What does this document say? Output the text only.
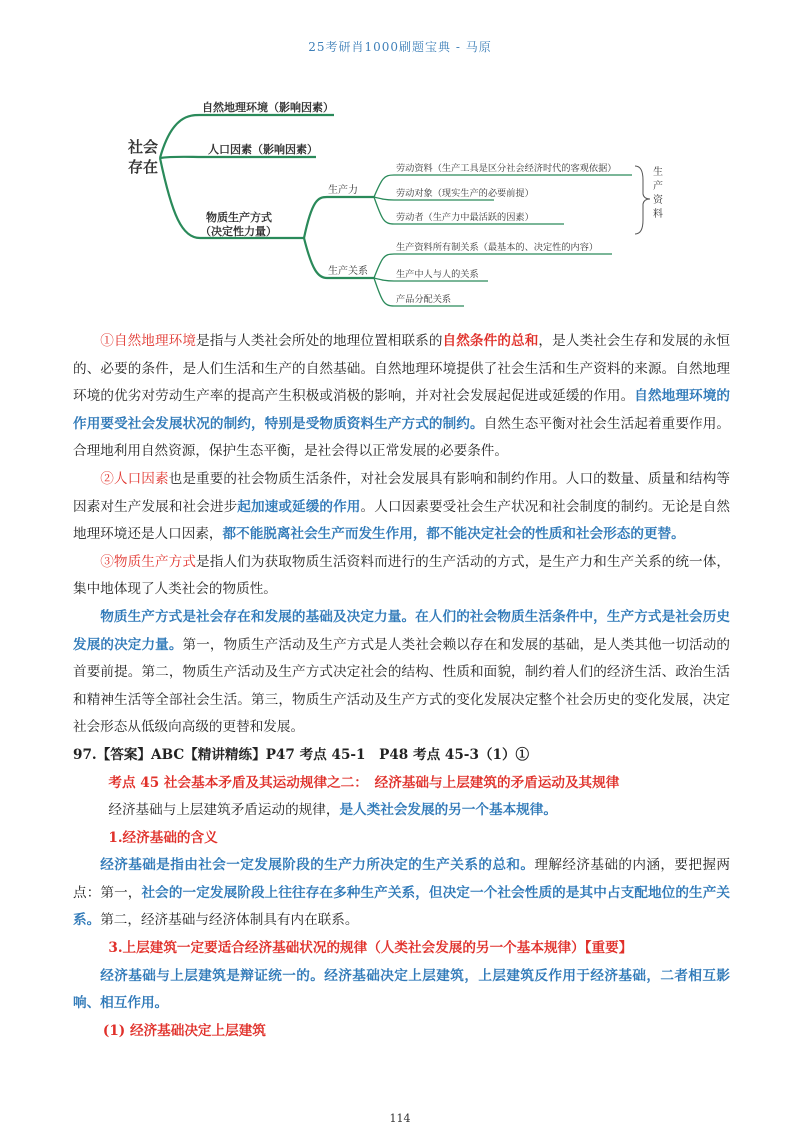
25考研肖1000刷题宝典 - 马原
社会
存在
自然地理环境（影响因素）
人口因素（影响因素）
物质生产方式
（决定性力量）
生产力
生产关系
劳动资料（生产工具是区分社会经济时代的客观依据）
劳动对象（现实生产的必要前提）
劳动者（生产力中最活跃的因素）
生产资料所有制关系（最基本的、决定性的内容）
生产中人与人的关系
产品分配关系
生
产
资
料

①自然地理环境是指与人类社会所处的地理位置相联系的自然条件的总和，是人类社会生存和发展的永恒的、必要的条件，是人们生活和生产的自然基础。自然地理环境提供了社会生活和生产资料的来源。自然地理环境的优劣对劳动生产率的提高产生积极或消极的影响，并对社会发展起促进或延缓的作用。自然地理环境的作用要受社会发展状况的制约，特别是受物质资料生产方式的制约。自然生态平衡对社会生活起着重要作用。合理地利用自然资源，保护生态平衡，是社会得以正常发展的必要条件。

②人口因素也是重要的社会物质生活条件，对社会发展具有影响和制约作用。人口的数量、质量和结构等因素对生产发展和社会进步起加速或延缓的作用。人口因素要受社会生产状况和社会制度的制约。无论是自然地理环境还是人口因素，都不能脱离社会生产而发生作用，都不能决定社会的性质和社会形态的更替。

③物质生产方式是指人们为获取物质生活资料而进行的生产活动的方式，是生产力和生产关系的统一体，集中地体现了人类社会的物质性。

物质生产方式是社会存在和发展的基础及决定力量。在人们的社会物质生活条件中，生产方式是社会历史发展的决定力量。第一，物质生产活动及生产方式是人类社会赖以存在和发展的基础，是人类其他一切活动的首要前提。第二，物质生产活动及生产方式决定社会的结构、性质和面貌，制约着人们的经济生活、政治生活和精神生活等全部社会生活。第三，物质生产活动及生产方式的变化发展决定整个社会历史的变化发展，决定社会形态从低级向高级的更替和发展。

97.【答案】ABC【精讲精练】P47 考点 45-1　P48 考点 45-3（1）①

考点 45 社会基本矛盾及其运动规律之二：　经济基础与上层建筑的矛盾运动及其规律

经济基础与上层建筑矛盾运动的规律，是人类社会发展的另一个基本规律。

1.经济基础的含义

经济基础是指由社会一定发展阶段的生产力所决定的生产关系的总和。理解经济基础的内涵，要把握两点：第一，社会的一定发展阶段上往往存在多种生产关系，但决定一个社会性质的是其中占支配地位的生产关系。第二，经济基础与经济体制具有内在联系。

3.上层建筑一定要适合经济基础状况的规律（人类社会发展的另一个基本规律）【重要】

经济基础与上层建筑是辩证统一的。经济基础决定上层建筑，上层建筑反作用于经济基础，二者相互影响、相互作用。

(1) 经济基础决定上层建筑

114
